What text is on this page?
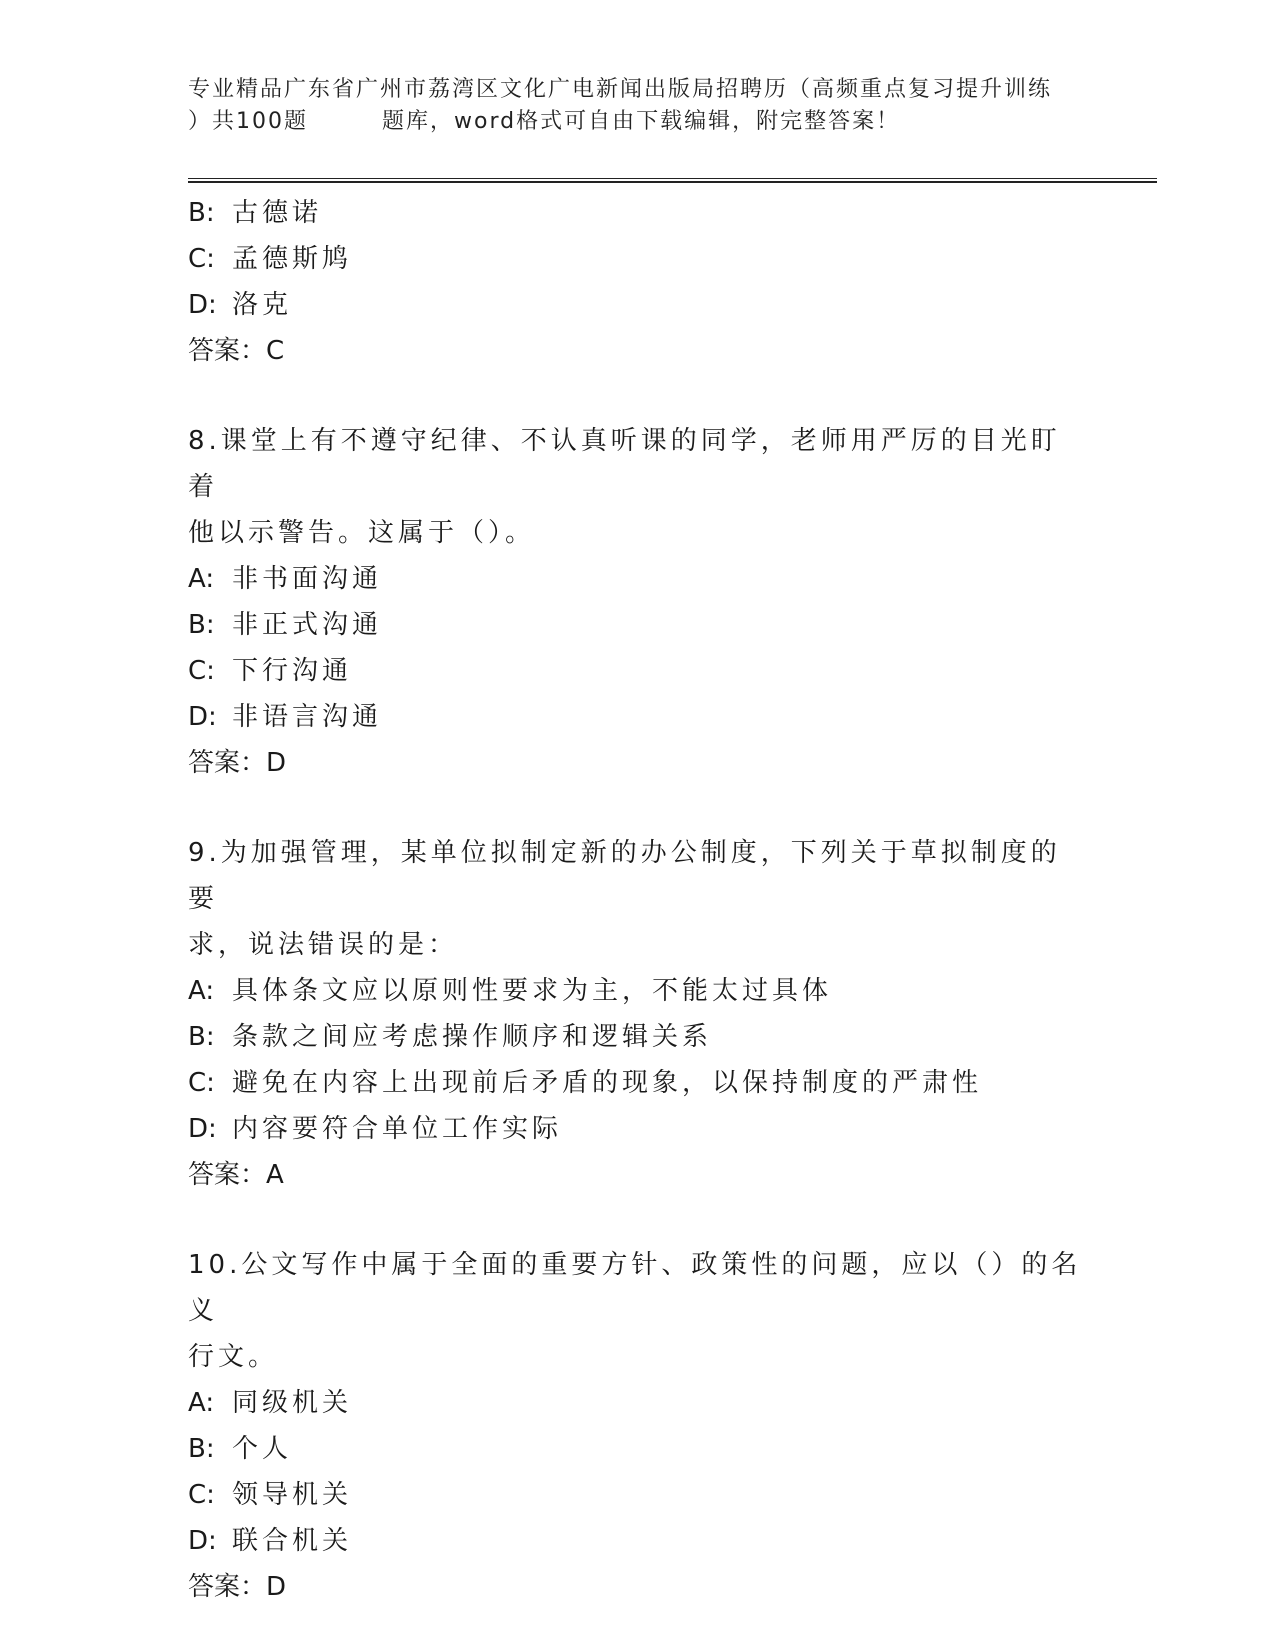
专业精品广东省广州市荔湾区文化广电新闻出版局招聘历（高频重点复习提升训练
）共100题	题库，word格式可自由下载编辑，附完整答案！
B: 古德诺
C: 孟德斯鸠
D: 洛克
答案：C
8.课堂上有不遵守纪律、不认真听课的同学，老师用严厉的目光盯着
他以示警告。这属于（）。
A: 非书面沟通
B: 非正式沟通
C: 下行沟通
D: 非语言沟通
答案：D
9.为加强管理，某单位拟制定新的办公制度，下列关于草拟制度的要
求，说法错误的是：
A: 具体条文应以原则性要求为主，不能太过具体
B: 条款之间应考虑操作顺序和逻辑关系
C: 避免在内容上出现前后矛盾的现象，以保持制度的严肃性
D: 内容要符合单位工作实际
答案：A
10.公文写作中属于全面的重要方针、政策性的问题，应以（）的名义
行文。
A: 同级机关
B: 个人
C: 领导机关
D: 联合机关
答案：D
